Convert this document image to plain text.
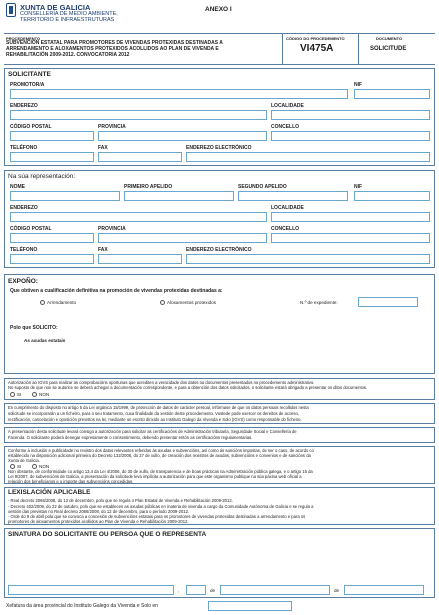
XUNTA DE GALICIA
CONSELLERÍA DE MEDIO AMBIENTE,
TERRITORIO E INFRAESTRUTURAS
ANEXO I
PROCEDEMENTO
SUBVENCIÓN ESTATAL PARA PROMOTORES DE VIVENDAS PROTEXIDAS DESTINADAS A
ARRENDAMENTO E ALOXAMENTOS PROTEXIDOS ACOLLIDOS AO PLAN DE VIVENDA E
REHABILITACIÓN 2009-2012. CONVOCATORIA 2012
CÓDIGO DO PROCEDEMENTO
VI475A
DOCUMENTO
SOLICITUDE
SOLICITANTE
PROMOTOR/A	NIF
ENDEREZO	LOCALIDADE
CÓDIGO POSTAL	PROVINCIA	CONCELLO
TELÉFONO	FAX	ENDEREZO ELECTRÓNICO
Na súa representación:
NOME	PRIMEIRO APELIDO	SEGUNDO APELIDO	NIF
ENDEREZO	LOCALIDADE
CÓDIGO POSTAL	PROVINCIA	CONCELLO
TELÉFONO	FAX	ENDEREZO ELECTRÓNICO
EXPOÑO:
Que obtiven a cualificación definitiva na promoción de vivendas protexidas destinadas a:
Arrendamento	Aloxamentos protexidos	N.º de expediente:
Polo que SOLICITO:
As axudas estatais
Autorización ao IGVS para realizar as comprobacións oportunas que acrediten a veracidade dos datos ou documentos presentados no procedemento administrativo.
No suposto de que non se autorice se deberá achegar a documentación correspondente, e para a obtención dos datos solicitados, o solicitante estará obrigado a presentar os ditos documentos.
SI	NON
En cumprimento do disposto no artigo 5 da Lei orgánica 15/1999, de protección de datos de carácter persoal, infórmase de que os datos persoais recollidos nesta
solicitude se incorporarán a un ficheiro, para o seu tratamento, cuxa finalidade da xestión deste procedemento. Vostede pode exercer os dereitos de acceso,
rectificación, cancelación e oposición previstos na lei, mediante un escrito dirixido ao Instituto Galego da Vivenda e Solo (IGVS) como responsable do ficheiro.
A presentación desta solicitude levará consigo a autorización para solicitar as certificacións de Administración tributaria, Seguridade Social e Consellería de
Facenda. O solicitante poderá denegar expresamente o consentimento, debendo presentar entón as certificacións regulamentarias.
Conforme á inclusión e publicidade no rexistro dos datos relevantes referidos ás axudas e subvencións, así como ás sancións impostas, de ser o caso, de acordo co
establecido na disposición adicional primeira do Decreto 132/2006, do 27 de xullo, de creación dos rexistros de axudas, subvencións e convenios e de sancións da
Xunta de Galicia.
SI	NON
Non obstante, de conformidade co artigo 13.4 da Lei 4/2006, do 30 de xullo, de transparencia e de boas prácticas na Administración pública galega, e o artigo 15 da
Lei 9/2007, de subvencións de Galicia, a presentación da solicitude leva implícita a autorización para que este organismo publique na súa páxina web oficial a
relación dos beneficiarios e o importe das subvencións concedidas.
LEXISLACIÓN APLICABLE
- Real decreto 2066/2008, do 12 de decembro, polo que se regula o Plan Estatal de Vivenda e Rehabilitación 2009-2012.
- Decreto 402/2009, do 22 de outubro, polo que se establecen as axudas públicas en materia de vivenda a cargo da Comunidade Autónoma de Galicia e se regula a
xestión das previstas no Real decreto 2066/2008, do 12 de decembro, para o período 2009-2012.
- Orde do 9 de abril pola que se convoca a concesión de subvencións estatais para os promotores de vivendas protexidas destinadas a arrendamento e para os
promotores de aloxamentos protexidos acollidos ao Plan de Vivenda e Rehabilitación 2009-2012.
SINATURA DO SOLICITANTE OU PERSOA QUE O REPRESENTA
,	de	de
Xefatura da área provincial do Instituto Galego da Vivenda e Solo en
